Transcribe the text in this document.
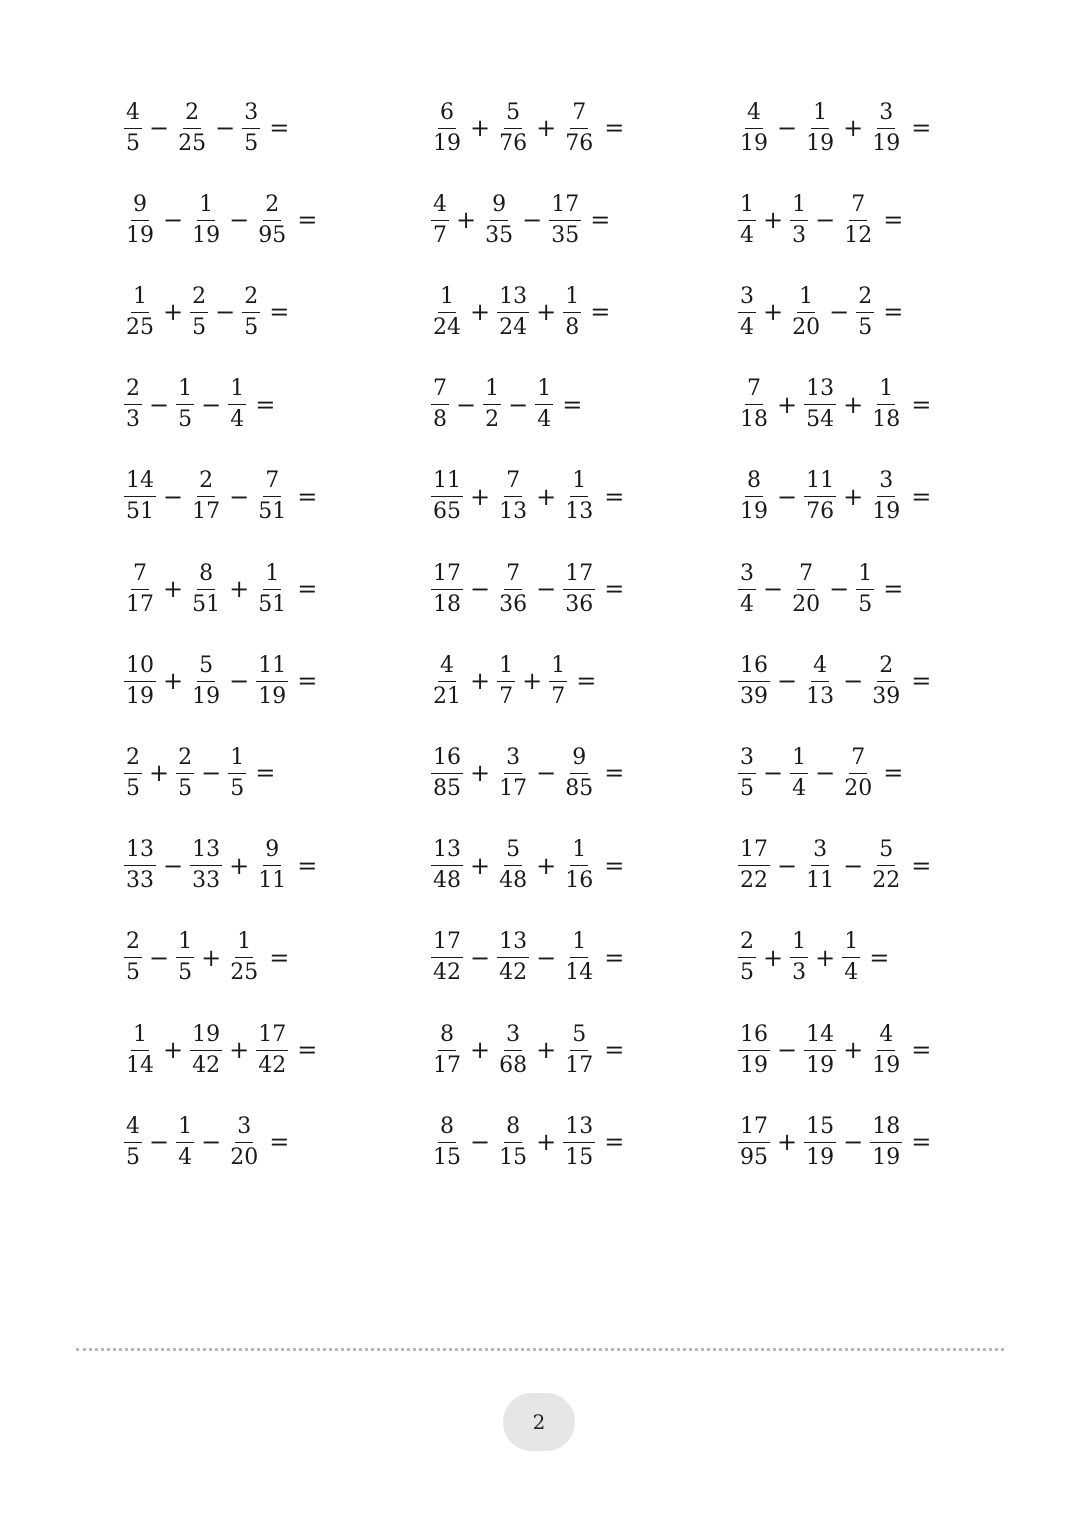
$\frac{4}{5} - \frac{2}{25} - \frac{3}{5}$ =	$\frac{6}{19} + \frac{5}{76} + \frac{7}{76}$ =	$\frac{4}{19} - \frac{1}{19} + \frac{3}{19}$ =
$\frac{9}{19} - \frac{1}{19} - \frac{2}{95}$ =	$\frac{4}{7} + \frac{9}{35} - \frac{17}{35}$ =	$\frac{1}{4} + \frac{1}{3} - \frac{7}{12}$ =
$\frac{1}{25} + \frac{2}{5} - \frac{2}{5}$ =	$\frac{1}{24} + \frac{13}{24} + \frac{1}{8}$ =	$\frac{3}{4} + \frac{1}{20} - \frac{2}{5}$ =
$\frac{2}{3} - \frac{1}{5} - \frac{1}{4}$ =	$\frac{7}{8} - \frac{1}{2} - \frac{1}{4}$ =	$\frac{7}{18} + \frac{13}{54} + \frac{1}{18}$ =
$\frac{14}{51} - \frac{2}{17} - \frac{7}{51}$ =	$\frac{11}{65} + \frac{7}{13} + \frac{1}{13}$ =	$\frac{8}{19} - \frac{11}{76} + \frac{3}{19}$ =
$\frac{7}{17} + \frac{8}{51} + \frac{1}{51}$ =	$\frac{17}{18} - \frac{7}{36} - \frac{17}{36}$ =	$\frac{3}{4} - \frac{7}{20} - \frac{1}{5}$ =
$\frac{10}{19} + \frac{5}{19} - \frac{11}{19}$ =	$\frac{4}{21} + \frac{1}{7} + \frac{1}{7}$ =	$\frac{16}{39} - \frac{4}{13} - \frac{2}{39}$ =
$\frac{2}{5} + \frac{2}{5} - \frac{1}{5}$ =	$\frac{16}{85} + \frac{3}{17} - \frac{9}{85}$ =	$\frac{3}{5} - \frac{1}{4} - \frac{7}{20}$ =
$\frac{13}{33} - \frac{13}{33} + \frac{9}{11}$ =	$\frac{13}{48} + \frac{5}{48} + \frac{1}{16}$ =	$\frac{17}{22} - \frac{3}{11} - \frac{5}{22}$ =
$\frac{2}{5} - \frac{1}{5} + \frac{1}{25}$ =	$\frac{17}{42} - \frac{13}{42} - \frac{1}{14}$ =	$\frac{2}{5} + \frac{1}{3} + \frac{1}{4}$ =
$\frac{1}{14} + \frac{19}{42} + \frac{17}{42}$ =	$\frac{8}{17} + \frac{3}{68} + \frac{5}{17}$ =	$\frac{16}{19} - \frac{14}{19} + \frac{4}{19}$ =
$\frac{4}{5} - \frac{1}{4} - \frac{3}{20}$ =	$\frac{8}{15} - \frac{8}{15} + \frac{13}{15}$ =	$\frac{17}{95} + \frac{15}{19} - \frac{18}{19}$ =
2
